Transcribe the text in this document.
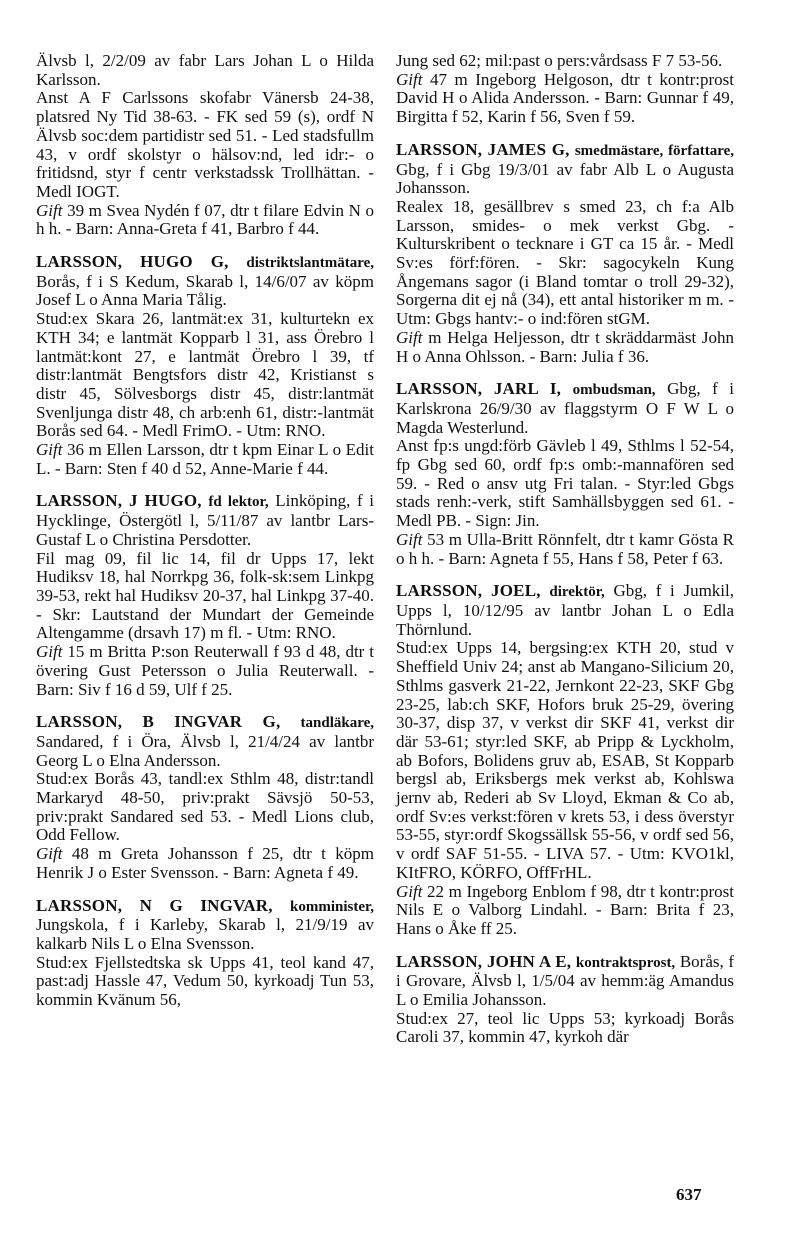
Älvsb l, 2/2/09 av fabr Lars Johan L o Hilda Karlsson.

Anst A F Carlssons skofabr Vänersb 24-38, platsred Ny Tid 38-63. - FK sed 59 (s), ordf N Älvsb soc:dem partidistr sed 51. - Led stadsfullm 43, v ordf skolstyr o hälsov:nd, led idr:- o fritidsnd, styr f centr verkstadssk Trollhättan. - Medl IOGT.

Gift 39 m Svea Nydén f 07, dtr t filare Edvin N o h h. - Barn: Anna-Greta f 41, Barbro f 44.

LARSSON, HUGO G, distriktslantmätare, Borås, f i S Kedum, Skarab l, 14/6/07 av köpm Josef L o Anna Maria Tålig.

Stud:ex Skara 26, lantmät:ex 31, kulturtekn ex KTH 34; e lantmät Kopparb l 31, ass Örebro l lantmät:kont 27, e lantmät Örebro l 39, tf distr:lantmät Bengtsfors distr 42, Kristianst s distr 45, Sölvesborgs distr 45, distr:lantmät Svenljunga distr 48, ch arb:enh 61, distr:-lantmät Borås sed 64. - Medl FrimO. - Utm: RNO.

Gift 36 m Ellen Larsson, dtr t kpm Einar L o Edit L. - Barn: Sten f 40 d 52, Anne-Marie f 44.

LARSSON, J HUGO, fd lektor, Linköping, f i Hycklinge, Östergötl l, 5/11/87 av lantbr Lars-Gustaf L o Christina Persdotter.

Fil mag 09, fil lic 14, fil dr Upps 17, lekt Hudiksv 18, hal Norrkpg 36, folk-sk:sem Linkpg 39-53, rekt hal Hudiksv 20-37, hal Linkpg 37-40. - Skr: Lautstand der Mundart der Gemeinde Altengamme (drsavh 17) m fl. - Utm: RNO.

Gift 15 m Britta P:son Reuterwall f 93 d 48, dtr t övering Gust Petersson o Julia Reuterwall. - Barn: Siv f 16 d 59, Ulf f 25.

LARSSON, B INGVAR G, tandläkare, Sandared, f i Öra, Älvsb l, 21/4/24 av lantbr Georg L o Elna Andersson.

Stud:ex Borås 43, tandl:ex Sthlm 48, distr:tandl Markaryd 48-50, priv:prakt Sävsjö 50-53, priv:prakt Sandared sed 53. - Medl Lions club, Odd Fellow.

Gift 48 m Greta Johansson f 25, dtr t köpm Henrik J o Ester Svensson. - Barn: Agneta f 49.

LARSSON, N G INGVAR, komminister, Jungskola, f i Karleby, Skarab l, 21/9/19 av kalkarb Nils L o Elna Svensson.

Stud:ex Fjellstedtska sk Upps 41, teol kand 47, past:adj Hassle 47, Vedum 50, kyrkoadj Tun 53, kommin Kvänum 56,

Jung sed 62; mil:past o pers:vårdsass F 7 53-56.

Gift 47 m Ingeborg Helgoson, dtr t kontr:prost David H o Alida Andersson. - Barn: Gunnar f 49, Birgitta f 52, Karin f 56, Sven f 59.

LARSSON, JAMES G, smedmästare, författare, Gbg, f i Gbg 19/3/01 av fabr Alb L o Augusta Johansson.

Realex 18, gesällbrev s smed 23, ch f:a Alb Larsson, smides- o mek verkst Gbg. - Kulturskribent o tecknare i GT ca 15 år. - Medl Sv:es förf:fören. - Skr: sagocykeln Kung Ångemans sagor (i Bland tomtar o troll 29-32), Sorgerna dit ej nå (34), ett antal historiker m m. - Utm: Gbgs hantv:- o ind:fören stGM.

Gift m Helga Heljesson, dtr t skräddarmäst John H o Anna Ohlsson. - Barn: Julia f 36.

LARSSON, JARL I, ombudsman, Gbg, f i Karlskrona 26/9/30 av flaggstyrm O F W L o Magda Westerlund.

Anst fp:s ungd:förb Gävleb l 49, Sthlms l 52-54, fp Gbg sed 60, ordf fp:s omb:-mannafören sed 59. - Red o ansv utg Fri talan. - Styr:led Gbgs stads renh:-verk, stift Samhällsbyggen sed 61. - Medl PB. - Sign: Jin.

Gift 53 m Ulla-Britt Rönnfelt, dtr t kamr Gösta R o h h. - Barn: Agneta f 55, Hans f 58, Peter f 63.

LARSSON, JOEL, direktör, Gbg, f i Jumkil, Upps l, 10/12/95 av lantbr Johan L o Edla Thörnlund.

Stud:ex Upps 14, bergsing:ex KTH 20, stud v Sheffield Univ 24; anst ab Mangano-Silicium 20, Sthlms gasverk 21-22, Jernkont 22-23, SKF Gbg 23-25, lab:ch SKF, Hofors bruk 25-29, övering 30-37, disp 37, v verkst dir SKF 41, verkst dir där 53-61; styr:led SKF, ab Pripp & Lyckholm, ab Bofors, Bolidens gruv ab, ESAB, St Kopparb bergsl ab, Eriksbergs mek verkst ab, Kohlswa jernv ab, Rederi ab Sv Lloyd, Ekman & Co ab, ordf Sv:es verkst:fören v krets 53, i dess överstyr 53-55, styr:ordf Skogssällsk 55-56, v ordf sed 56, v ordf SAF 51-55. - LIVA 57. - Utm: KVO1kl, KItFRO, KÖRFO, OffFrHL.

Gift 22 m Ingeborg Enblom f 98, dtr t kontr:prost Nils E o Valborg Lindahl. - Barn: Brita f 23, Hans o Åke ff 25.

LARSSON, JOHN A E, kontraktsprost, Borås, f i Grovare, Älvsb l, 1/5/04 av hemm:äg Amandus L o Emilia Johansson.

Stud:ex 27, teol lic Upps 53; kyrkoadj Borås Caroli 37, kommin 47, kyrkoh där

637
